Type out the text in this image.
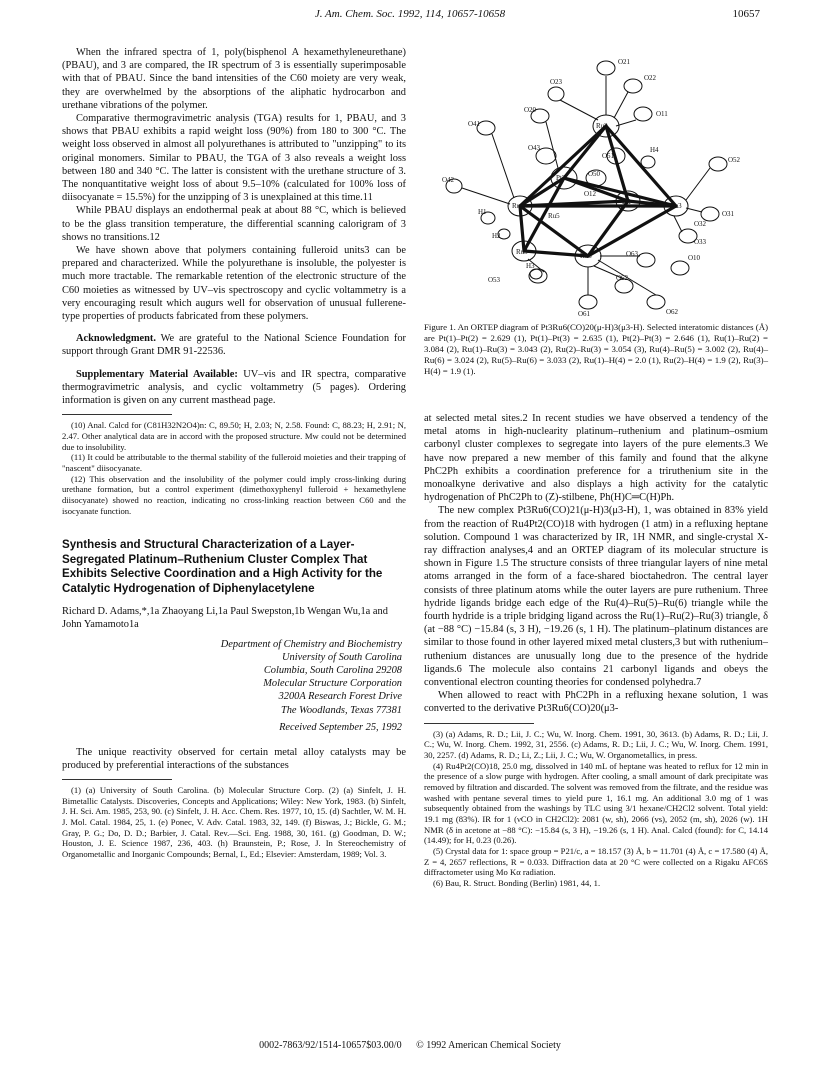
J. Am. Chem. Soc. 1992, 114, 10657-10658	10657

When the infrared spectra of 1, poly(bisphenol A hexamethyleneurethane) (PBAU), and 3 are compared, the IR spectrum of 3 is essentially superimposable with that of PBAU. Since the band intensities of the C60 moiety are very weak, they are overwhelmed by the absorptions of the aliphatic hydrocarbon and urethane vibrations of the polymer.

Comparative thermogravimetric analysis (TGA) results for 1, PBAU, and 3 shows that PBAU exhibits a rapid weight loss (90%) from 180 to 300 °C. The weight loss observed in almost all polyurethanes is attributed to "unzipping" to its original monomers. Similar to PBAU, the TGA of 3 also reveals a weight loss between 180 and 340 °C. The latter is consistent with the urethane structure of 3. The nonquantitative weight loss of about 9.5–10% (calculated for 100% loss of diisocyanate = 15.5%) for the unzipping of 3 is unexplained at this time.11

While PBAU displays an endothermal peak at about 88 °C, which is believed to be the glass transition temperature, the differential scanning calorigram of 3 shows no transitions.12

We have shown above that polymers containing fulleroid units3 can be prepared and characterized. While the polyurethane is insoluble, the polyester is much more tractable. The remarkable retention of the electronic structure of the C60 moieties as witnessed by UV–vis spectroscopy and cyclic voltammetry is a very encouraging result which augurs well for observation of unusual fullerene-type properties of products fabricated from these polymers.

Acknowledgment. We are grateful to the National Science Foundation for support through Grant DMR 91-22536.

Supplementary Material Available: UV–vis and IR spectra, comparative thermogravimetric analysis, and cyclic voltammetry (5 pages). Ordering information is given on any current masthead page.

(10) Anal. Calcd for (C81H32N2O4)n: C, 89.50; H, 2.03; N, 2.58. Found: C, 88.23; H, 2.91; N, 2.47. Other analytical data are in accord with the proposed structure. Mw could not be determined due to insolubility.

(11) It could be attributable to the thermal stability of the fulleroid moieties and their trapping of "nascent" diisocyanate.

(12) This observation and the insolubility of the polymer could imply cross-linking during urethane formation, but a control experiment (dimethoxyphenyl fulleroid + hexamethylene diisocyanate) showed no reaction, indicating no cross-linking reaction between C60 and the isocyanate function.

Synthesis and Structural Characterization of a Layer-Segregated Platinum–Ruthenium Cluster Complex That Exhibits Selective Coordination and a High Activity for the Catalytic Hydrogenation of Diphenylacetylene

Richard D. Adams,*,1a Zhaoyang Li,1a Paul Swepston,1b Wengan Wu,1a and John Yamamoto1a

Department of Chemistry and Biochemistry
University of South Carolina
Columbia, South Carolina 29208
Molecular Structure Corporation
3200A Research Forest Drive
The Woodlands, Texas 77381
Received September 25, 1992

The unique reactivity observed for certain metal alloy catalysts may be produced by preferential interactions of the substances

(1) (a) University of South Carolina. (b) Molecular Structure Corp. (2) (a) Sinfelt, J. H. Bimetallic Catalysts. Discoveries, Concepts and Applications; Wiley: New York, 1983. (b) Sinfelt, J. H. Sci. Am. 1985, 253, 90. (c) Sinfelt, J. H. Acc. Chem. Res. 1977, 10, 15. (d) Sachtler, W. M. H. J. Mol. Catal. 1984, 25, 1. (e) Ponec, V. Adv. Catal. 1983, 32, 149. (f) Biswas, J.; Bickle, G. M.; Gray, P. G.; Do, D. D.; Barbier, J. Catal. Rev.—Sci. Eng. 1988, 30, 161. (g) Goodman, D. W.; Houston, J. E. Science 1987, 236, 403. (h) Braunstein, P.; Rose, J. In Stereochemistry of Organometallic and Inorganic Compounds; Bernal, I., Ed.; Elsevier: Amsterdam, 1989; Vol. 3.

O21
O22
O23
O20
Ru2
O11
O41
O43
Pt2	O50
H4
O52
O42
O12
O51
Ru4
Ru5
Ru3
O31
H1
Pt1
O32
H2
Ru5	Ru6
O33
H3
O63	O10
O53	O62
O61	O62
Figure 1. An ORTEP diagram of Pt3Ru6(CO)20(μ-H)3(μ3-H). Selected interatomic distances (Å) are Pt(1)–Pt(2) = 2.629 (1), Pt(1)–Pt(3) = 2.635 (1), Pt(2)–Pt(3) = 2.646 (1), Ru(1)–Ru(2) = 3.084 (2), Ru(1)–Ru(3) = 3.043 (2), Ru(2)–Ru(3) = 3.054 (3), Ru(4)–Ru(5) = 3.002 (2), Ru(4)–Ru(6) = 3.024 (2), Ru(5)–Ru(6) = 3.033 (2), Ru(1)–H(4) = 2.0 (1), Ru(2)–H(4) = 1.9 (2), Ru(3)–H(4) = 1.9 (1).

at selected metal sites.2 In recent studies we have observed a tendency of the metal atoms in high-nuclearity platinum–ruthenium and platinum–osmium carbonyl cluster complexes to segregate into layers of the pure elements.3 We have now prepared a new member of this family and found that the alkyne PhC2Ph exhibits a coordination preference for a triruthenium site in the monoalkyne derivative and also displays a high activity for the catalytic hydrogenation of PhC2Ph to (Z)-stilbene, Ph(H)C═C(H)Ph.

The new complex Pt3Ru6(CO)21(μ-H)3(μ3-H), 1, was obtained in 83% yield from the reaction of Ru4Pt2(CO)18 with hydrogen (1 atm) in a refluxing heptane solution. Compound 1 was characterized by IR, 1H NMR, and single-crystal X-ray diffraction analyses,4 and an ORTEP diagram of its molecular structure is shown in Figure 1.5 The structure consists of three triangular layers of nine metal atoms arranged in the form of a face-shared bioctahedron. The central layer consists of three platinum atoms while the outer layers are pure ruthenium. Three hydride ligands bridge each edge of the Ru(4)–Ru(5)–Ru(6) triangle while the fourth hydride is a triple bridging ligand across the Ru(1)–Ru(2)–Ru(3) triangle, δ (at −88 °C) −15.84 (s, 3 H), −19.26 (s, 1 H). The platinum–platinum distances are similar to those found in other layered mixed metal clusters,3 but with ruthenium–ruthenium distances are unusually long due to the presence of the hydride ligands.6 The molecule also contains 21 carbonyl ligands and obeys the conventional electron counting theories for condensed polyhedra.7

When allowed to react with PhC2Ph in a refluxing hexane solution, 1 was converted to the derivative Pt3Ru6(CO)20(μ3-

(3) (a) Adams, R. D.; Lii, J. C.; Wu, W. Inorg. Chem. 1991, 30, 3613. (b) Adams, R. D.; Lii, J. C.; Wu, W. Inorg. Chem. 1992, 31, 2556. (c) Adams, R. D.; Lii, J. C.; Wu, W. Inorg. Chem. 1991, 30, 2257. (d) Adams, R. D.; Li, Z.; Lii, J. C.; Wu, W. Organometallics, in press.

(4) Ru4Pt2(CO)18, 25.0 mg, dissolved in 140 mL of heptane was heated to reflux for 12 min in the presence of a slow purge with hydrogen. After cooling, a small amount of dark precipitate was removed by filtration and discarded. The solvent was removed from the filtrate, and the residue was washed with pentane several times to yield pure 1, 16.1 mg. An additional 3.0 mg of 1 was subsequently obtained from the washings by TLC using 3/1 hexane/CH2Cl2 solvent. Total yield: 19.1 mg (83%). IR for 1 (νCO in CH2Cl2): 2081 (w, sh), 2066 (vs), 2052 (m, sh), 2026 (w). 1H NMR (δ in acetone at −88 °C): −15.84 (s, 3 H), −19.26 (s, 1 H). Anal. Calcd (found): for C, 14.14 (14.49); for H, 0.23 (0.26).

(5) Crystal data for 1: space group = P21/c, a = 18.157 (3) Å, b = 11.701 (4) Å, c = 17.580 (4) Å, Z = 4, 2657 reflections, R = 0.033. Diffraction data at 20 °C were collected on a Rigaku AFC6S diffractometer using Mo Kα radiation.

(6) Bau, R. Struct. Bonding (Berlin) 1981, 44, 1.

0002-7863/92/1514-10657$03.00/0 © 1992 American Chemical Society
